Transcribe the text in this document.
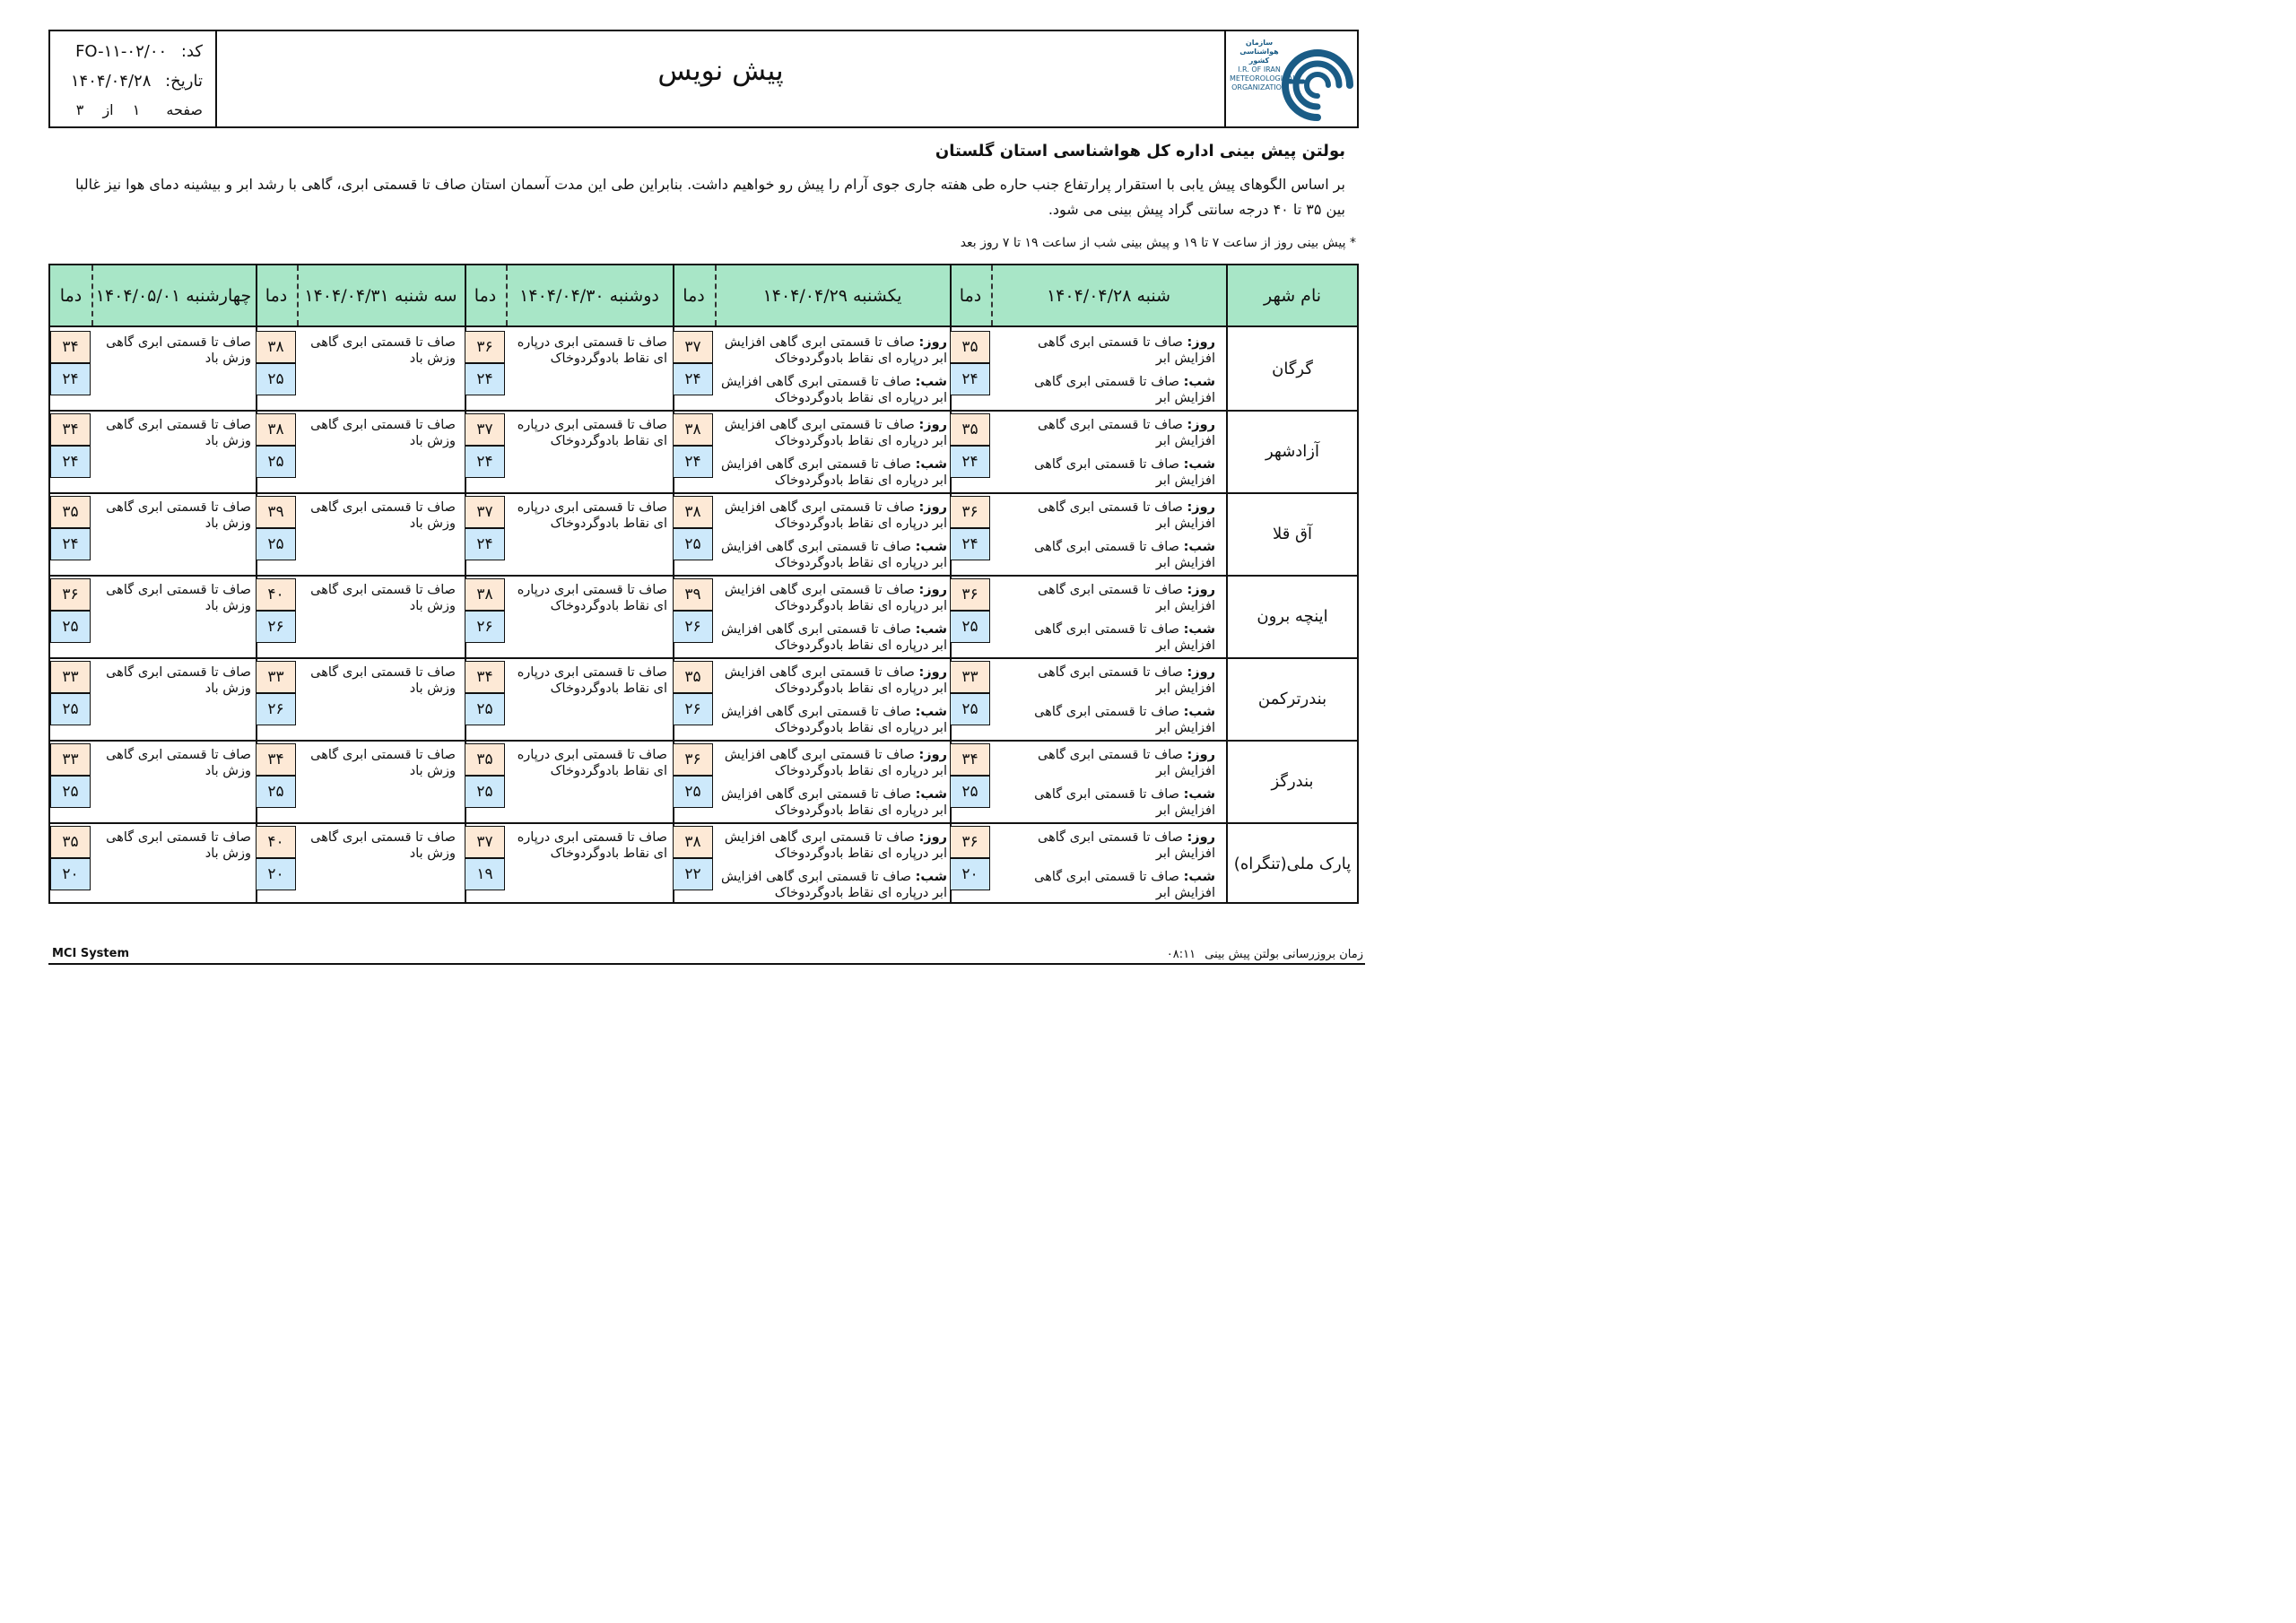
کد: FO-۱۱-۰۲/۰۰
تاریخ: ۱۴۰۴/۰۴/۲۸
صفحه ۱ از ۳
پیش نویس
سازمان هواشناسی کشور
I.R. OF IRAN
METEOROLOGICAL
ORGANIZATION
بولتن پیش بینی اداره کل هواشناسی استان گلستان
بر اساس الگوهای پیش یابی با استقرار پرارتفاع جنب حاره طی هفته جاری جوی آرام را پیش رو خواهیم داشت. بنابراین طی این مدت آسمان استان صاف تا قسمتی ابری، گاهی با رشد ابر و بیشینه دمای هوا نیز غالبا بین ۳۵ تا ۴۰ درجه سانتی گراد پیش بینی می شود.
* پیش بینی روز از ساعت ۷ تا ۱۹ و پیش بینی شب از ساعت ۱۹ تا ۷ روز بعد
نام شهر
شنبه ۱۴۰۴/۰۴/۲۸
دما
یکشنبه ۱۴۰۴/۰۴/۲۹
دما
دوشنبه ۱۴۰۴/۰۴/۳۰
دما
سه شنبه ۱۴۰۴/۰۴/۳۱
دما
چهارشنبه ۱۴۰۴/۰۵/۰۱
دما
گرگان
روز: صاف تا قسمتی ابری گاهی افزایش ابر
شب: صاف تا قسمتی ابری گاهی افزایش ابر
۳۵
۲۴
روز: صاف تا قسمتی ابری گاهی افزایش ابر درپاره ای نقاط بادوگردوخاک
شب: صاف تا قسمتی ابری گاهی افزایش ابر درپاره ای نقاط بادوگردوخاک
۳۷
۲۴
صاف تا قسمتی ابری درپاره ای نقاط بادوگردوخاک
۳۶
۲۴
صاف تا قسمتی ابری گاهی وزش باد
۳۸
۲۵
صاف تا قسمتی ابری گاهی وزش باد
۳۴
۲۴
آزادشهر
روز: صاف تا قسمتی ابری گاهی افزایش ابر
شب: صاف تا قسمتی ابری گاهی افزایش ابر
۳۵
۲۴
روز: صاف تا قسمتی ابری گاهی افزایش ابر درپاره ای نقاط بادوگردوخاک
شب: صاف تا قسمتی ابری گاهی افزایش ابر درپاره ای نقاط بادوگردوخاک
۳۸
۲۴
صاف تا قسمتی ابری درپاره ای نقاط بادوگردوخاک
۳۷
۲۴
صاف تا قسمتی ابری گاهی وزش باد
۳۸
۲۵
صاف تا قسمتی ابری گاهی وزش باد
۳۴
۲۴
آق قلا
روز: صاف تا قسمتی ابری گاهی افزایش ابر
شب: صاف تا قسمتی ابری گاهی افزایش ابر
۳۶
۲۴
روز: صاف تا قسمتی ابری گاهی افزایش ابر درپاره ای نقاط بادوگردوخاک
شب: صاف تا قسمتی ابری گاهی افزایش ابر درپاره ای نقاط بادوگردوخاک
۳۸
۲۵
صاف تا قسمتی ابری درپاره ای نقاط بادوگردوخاک
۳۷
۲۴
صاف تا قسمتی ابری گاهی وزش باد
۳۹
۲۵
صاف تا قسمتی ابری گاهی وزش باد
۳۵
۲۴
اینچه برون
روز: صاف تا قسمتی ابری گاهی افزایش ابر
شب: صاف تا قسمتی ابری گاهی افزایش ابر
۳۶
۲۵
روز: صاف تا قسمتی ابری گاهی افزایش ابر درپاره ای نقاط بادوگردوخاک
شب: صاف تا قسمتی ابری گاهی افزایش ابر درپاره ای نقاط بادوگردوخاک
۳۹
۲۶
صاف تا قسمتی ابری درپاره ای نقاط بادوگردوخاک
۳۸
۲۶
صاف تا قسمتی ابری گاهی وزش باد
۴۰
۲۶
صاف تا قسمتی ابری گاهی وزش باد
۳۶
۲۵
بندرترکمن
روز: صاف تا قسمتی ابری گاهی افزایش ابر
شب: صاف تا قسمتی ابری گاهی افزایش ابر
۳۳
۲۵
روز: صاف تا قسمتی ابری گاهی افزایش ابر درپاره ای نقاط بادوگردوخاک
شب: صاف تا قسمتی ابری گاهی افزایش ابر درپاره ای نقاط بادوگردوخاک
۳۵
۲۶
صاف تا قسمتی ابری درپاره ای نقاط بادوگردوخاک
۳۴
۲۵
صاف تا قسمتی ابری گاهی وزش باد
۳۳
۲۶
صاف تا قسمتی ابری گاهی وزش باد
۳۳
۲۵
بندرگز
روز: صاف تا قسمتی ابری گاهی افزایش ابر
شب: صاف تا قسمتی ابری گاهی افزایش ابر
۳۴
۲۵
روز: صاف تا قسمتی ابری گاهی افزایش ابر درپاره ای نقاط بادوگردوخاک
شب: صاف تا قسمتی ابری گاهی افزایش ابر درپاره ای نقاط بادوگردوخاک
۳۶
۲۵
صاف تا قسمتی ابری درپاره ای نقاط بادوگردوخاک
۳۵
۲۵
صاف تا قسمتی ابری گاهی وزش باد
۳۴
۲۵
صاف تا قسمتی ابری گاهی وزش باد
۳۳
۲۵
پارک ملی(تنگراه)
روز: صاف تا قسمتی ابری گاهی افزایش ابر
شب: صاف تا قسمتی ابری گاهی افزایش ابر
۳۶
۲۰
روز: صاف تا قسمتی ابری گاهی افزایش ابر درپاره ای نقاط بادوگردوخاک
شب: صاف تا قسمتی ابری گاهی افزایش ابر درپاره ای نقاط بادوگردوخاک
۳۸
۲۲
صاف تا قسمتی ابری درپاره ای نقاط بادوگردوخاک
۳۷
۱۹
صاف تا قسمتی ابری گاهی وزش باد
۴۰
۲۰
صاف تا قسمتی ابری گاهی وزش باد
۳۵
۲۰
MCI System	زمان بروزرسانی بولتن پیش بینی ۰۸:۱۱
